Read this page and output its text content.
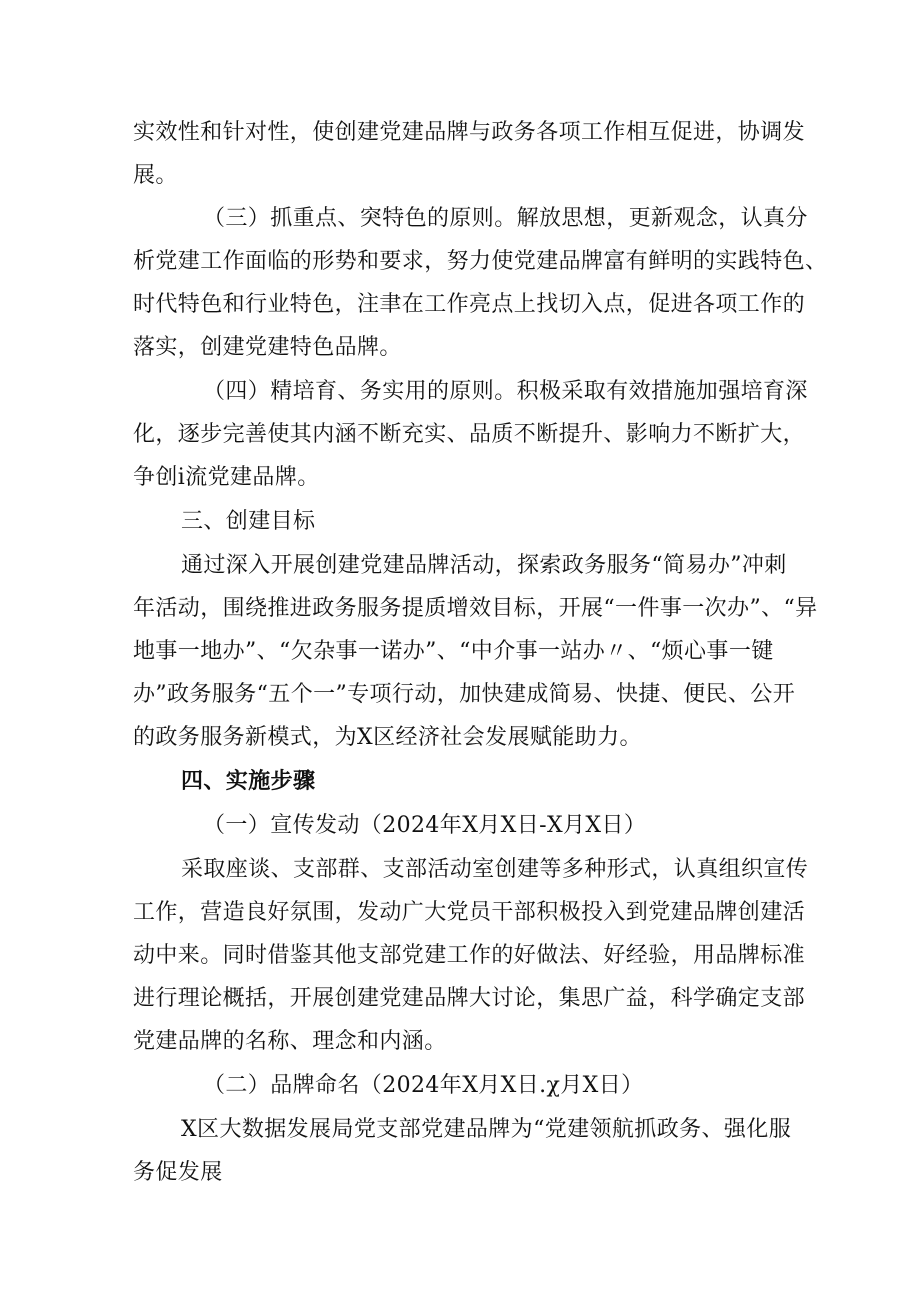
实效性和针对性，使创建党建品牌与政务各项工作相互促进，协调发
展。
（三）抓重点、突特色的原则。解放思想，更新观念，认真分
析党建工作面临的形势和要求，努力使党建品牌富有鲜明的实践特色、
时代特色和行业特色，注聿在工作亮点上找切入点，促进各项工作的
落实，创建党建特色品牌。
（四）精培育、务实用的原则。积极采取有效措施加强培育深
化，逐步完善使其内涵不断充实、品质不断提升、影响力不断扩大，
争创i流党建品牌。
三、创建目标
通过深入开展创建党建品牌活动，探索政务服务“简易办”冲刺
年活动，围绕推进政务服务提质增效目标，开展“一件事一次办”、“异
地事一地办”、“欠杂事一诺办”、“中介事一站办〃、“烦心事一键
办”政务服务“五个一”专项行动，加快建成简易、快捷、便民、公开
的政务服务新模式，为X区经济社会发展赋能助力。
四、实施步骤
（一）宣传发动（2024年X月X日-X月X日）
采取座谈、支部群、支部活动室创建等多种形式，认真组织宣传
工作，营造良好氛围，发动广大党员干部积极投入到党建品牌创建活
动中来。同时借鉴其他支部党建工作的好做法、好经验，用品牌标准
进行理论概括，开展创建党建品牌大讨论，集思广益，科学确定支部
党建品牌的名称、理念和内涵。
（二）品牌命名（2024年X月X日.χ月X日）
X区大数据发展局党支部党建品牌为“党建领航抓政务、强化服
务促发展
